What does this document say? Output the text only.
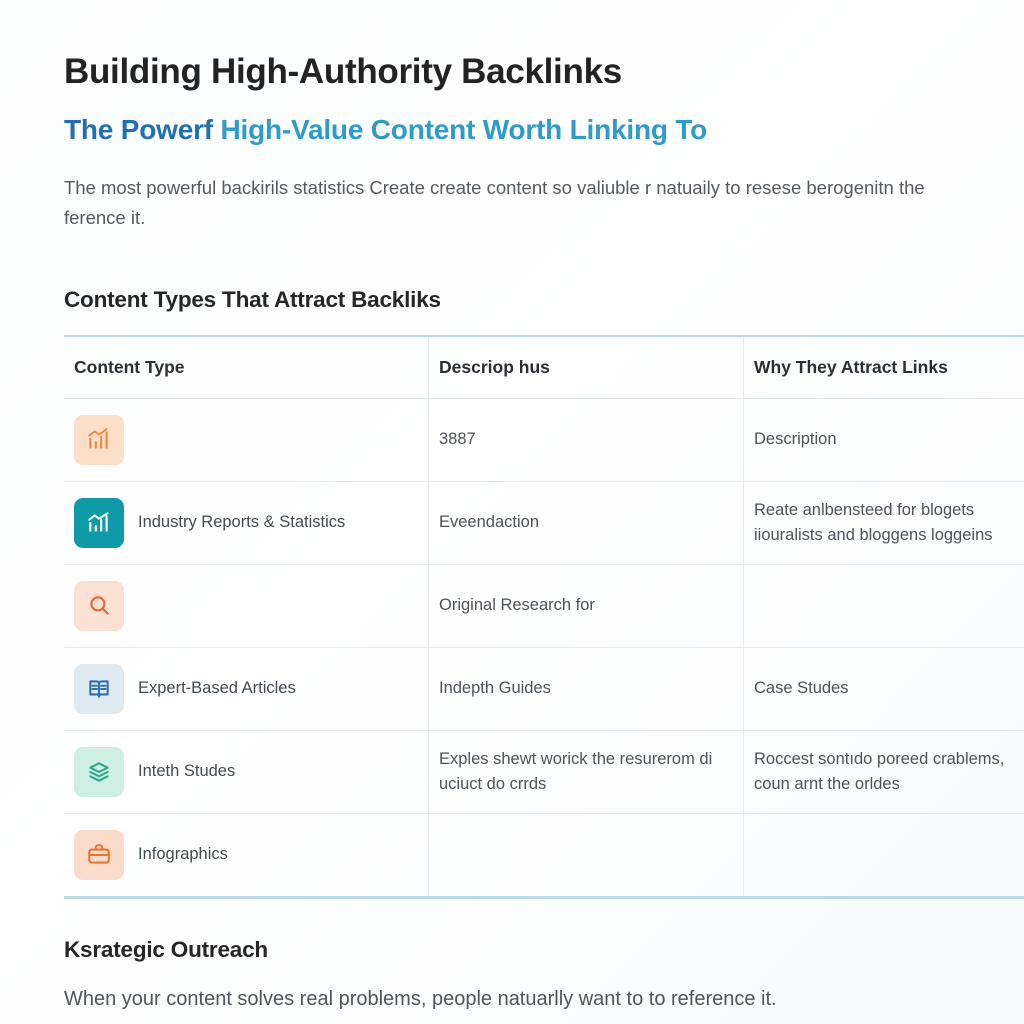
Building High-Authority Backlinks
The Powerf High-Value Content Worth Linking To

The most powerful backirils statistics Create create content so valiuble r natuaily to resese berogenitn the ference it.

Content Types That Attract Backliks
Content Type	Descriop hus	Why They Attract Links

	3887	Description

Industry Reports & Statistics	Eveendaction	Reate anlbensteed for blogets iiouralists and bloggens loggeins

	Original Research for	

Expert-Based Articles	Indepth Guides	Case Studes

Inteth Studes	Exples shewt worick the resurerom di uciuct do crrds	Roccest sontıdo poreed crablems, coun arnt the orldes

Infographics		

Ksrategic Outreach

When your content solves real problems, people natuarlly want to to reference it.
